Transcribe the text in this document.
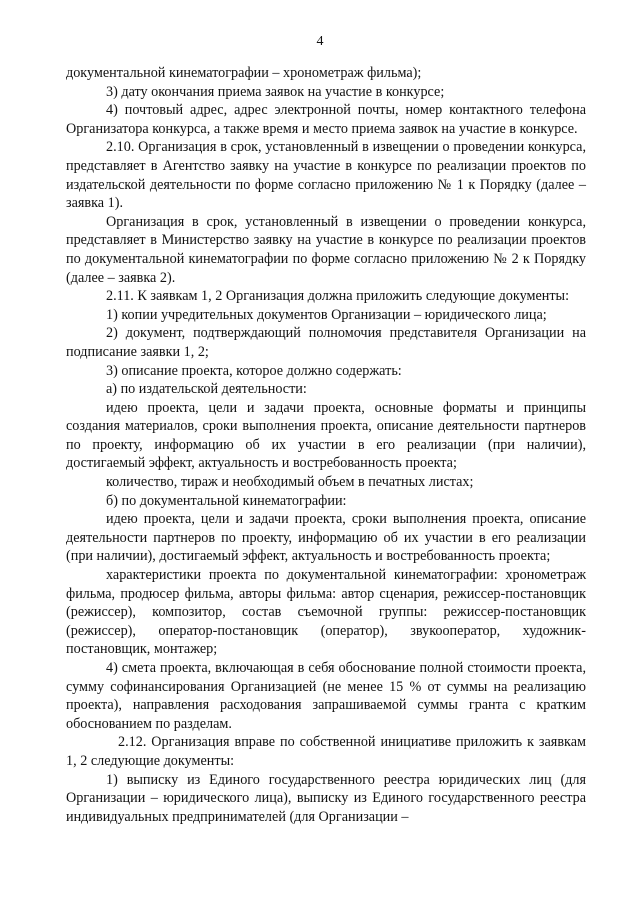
4

документальной кинематографии – хронометраж фильма);

3) дату окончания приема заявок на участие в конкурсе;

4) почтовый адрес, адрес электронной почты, номер контактного телефона Организатора конкурса, а также время и место приема заявок на участие в конкурсе.

2.10. Организация в срок, установленный в извещении о проведении конкурса, представляет в Агентство заявку на участие в конкурсе по реализации проектов по издательской деятельности по форме согласно приложению № 1 к Порядку (далее – заявка 1).

Организация в срок, установленный в извещении о проведении конкурса, представляет в Министерство заявку на участие в конкурсе по реализации проектов по документальной кинематографии по форме согласно приложению № 2 к Порядку (далее – заявка 2).

2.11. К заявкам 1, 2 Организация должна приложить следующие документы:

1) копии учредительных документов Организации – юридического лица;

2) документ, подтверждающий полномочия представителя Организации на подписание заявки 1, 2;

3) описание проекта, которое должно содержать:

а) по издательской деятельности:

идею проекта, цели и задачи проекта, основные форматы и принципы создания материалов, сроки выполнения проекта, описание деятельности партнеров по проекту, информацию об их участии в его реализации (при наличии), достигаемый эффект, актуальность и востребованность проекта;

количество, тираж и необходимый объем в печатных листах;

б) по документальной кинематографии:

идею проекта, цели и задачи проекта, сроки выполнения проекта, описание деятельности партнеров по проекту, информацию об их участии в его реализации (при наличии), достигаемый эффект, актуальность и востребованность проекта;

характеристики проекта по документальной кинематографии: хронометраж фильма, продюсер фильма, авторы фильма: автор сценария, режиссер-постановщик (режиссер), композитор, состав съемочной группы: режиссер-постановщик (режиссер), оператор-постановщик (оператор), звукооператор, художник-постановщик, монтажер;

4) смета проекта, включающая в себя обоснование полной стоимости проекта, сумму софинансирования Организацией (не менее 15 % от суммы на реализацию проекта), направления расходования запрашиваемой суммы гранта с кратким обоснованием по разделам.

2.12. Организация вправе по собственной инициативе приложить к заявкам 1, 2 следующие документы:

1) выписку из Единого государственного реестра юридических лиц (для Организации – юридического лица), выписку из Единого государственного реестра индивидуальных предпринимателей (для Организации –
